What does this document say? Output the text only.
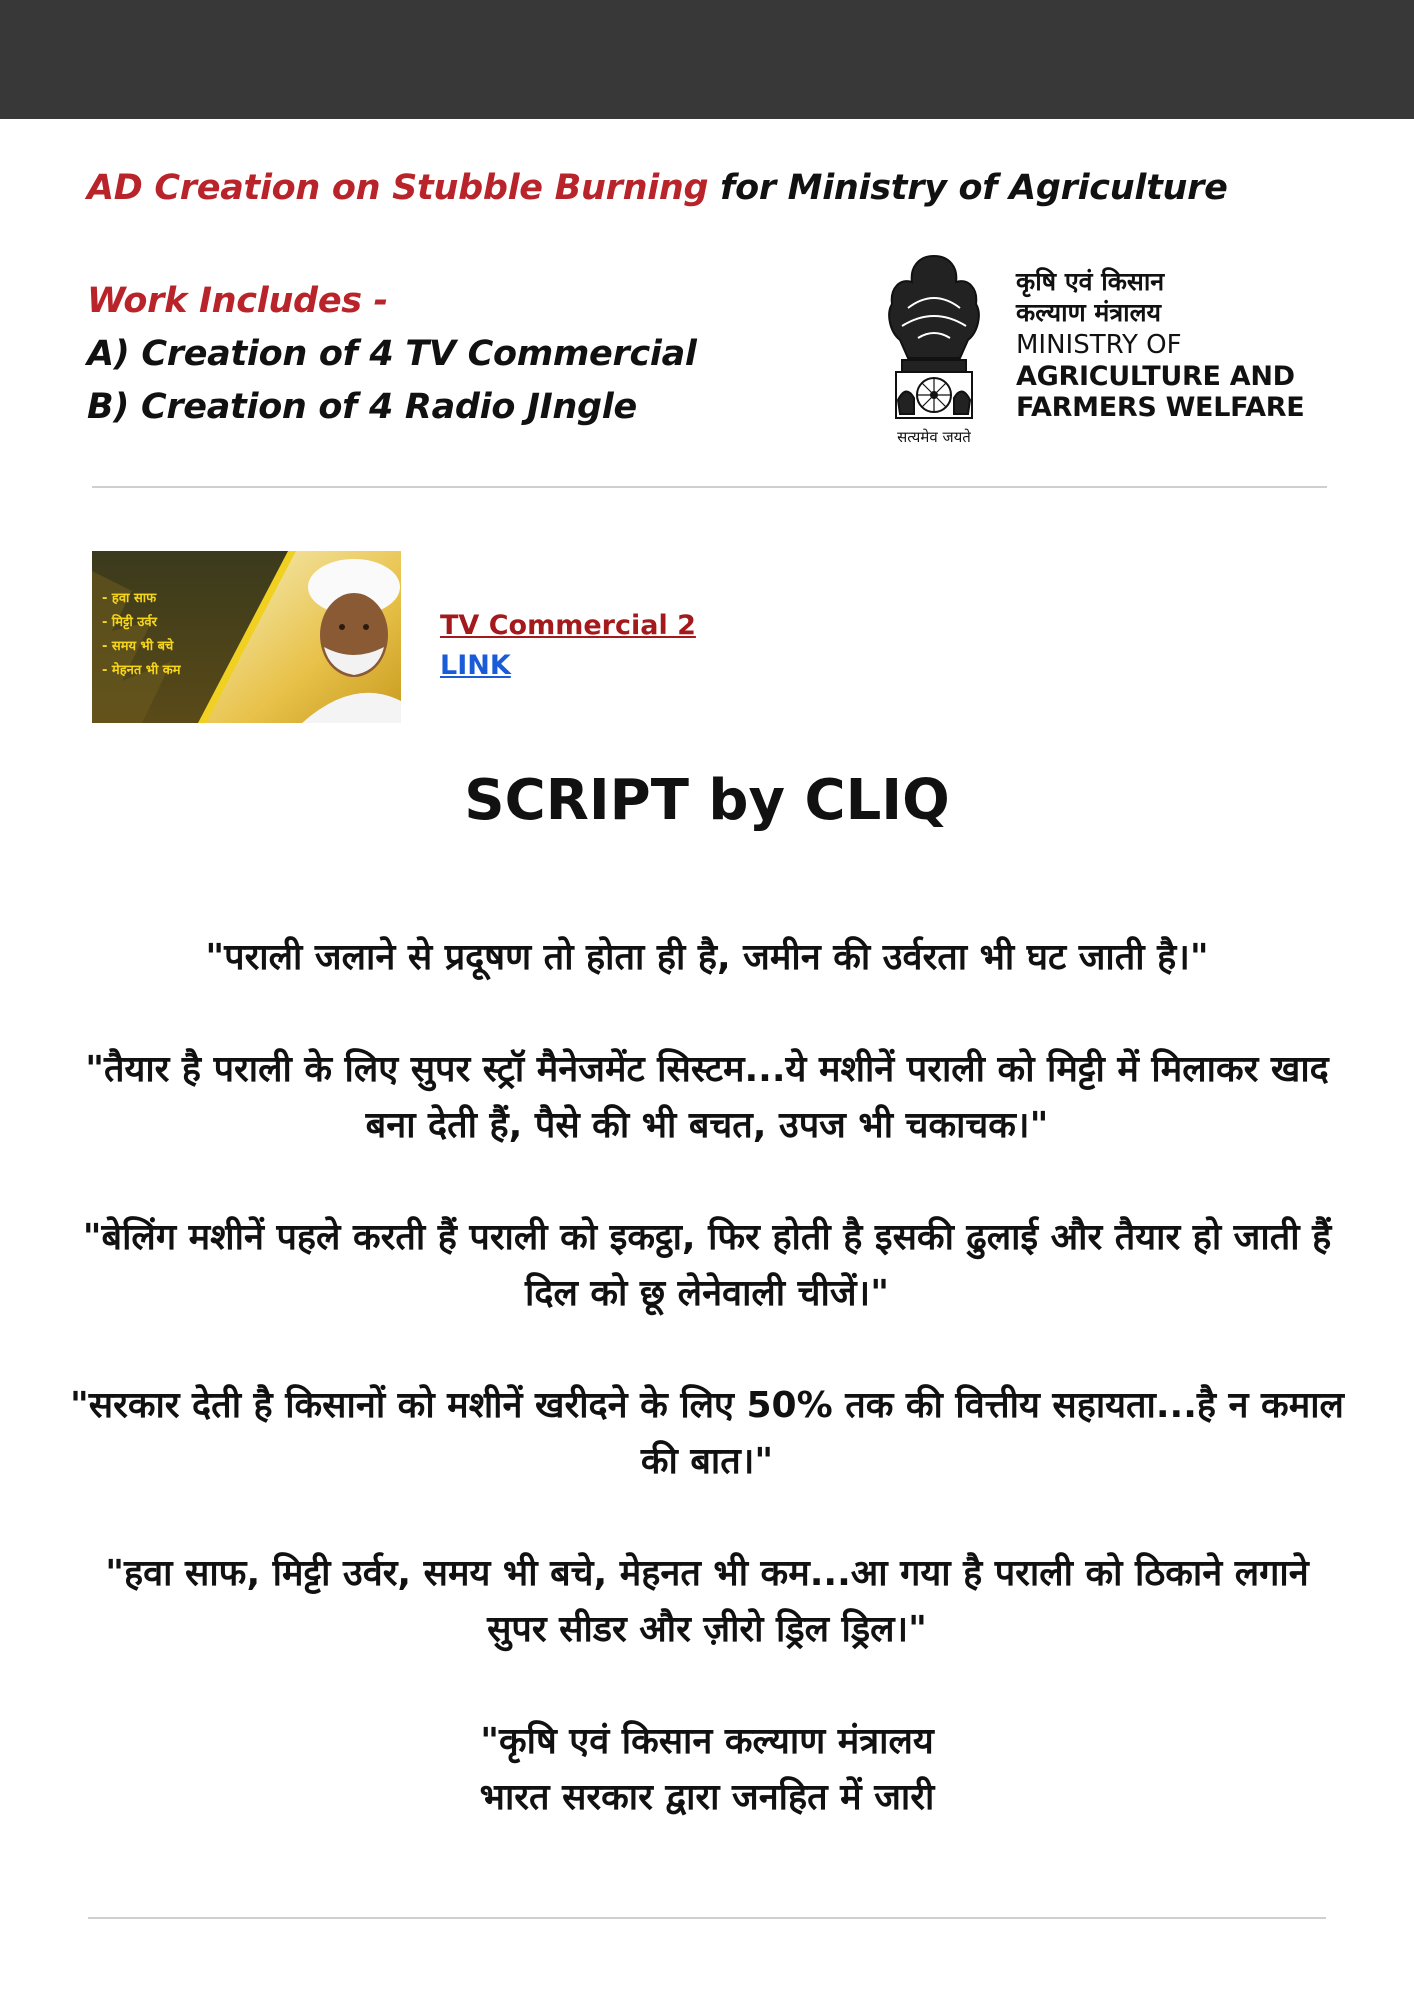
AD Creation on Stubble Burning for Ministry of Agriculture
Work Includes -
A) Creation of 4 TV Commercial
B) Creation of 4 Radio JIngle
सत्यमेव जयते
कृषि एवं किसान
कल्याण मंत्रालय
MINISTRY OF
AGRICULTURE AND
FARMERS WELFARE
- हवा साफ
- मिट्टी उर्वर
- समय भी बचे
- मेहनत भी कम
TV Commercial 2
LINK
SCRIPT by CLIQ

"पराली जलाने से प्रदूषण तो होता ही है, जमीन की उर्वरता भी घट जाती है।"

"तैयार है पराली के लिए सुपर स्ट्रॉ मैनेजमेंट सिस्टम...ये मशीनें पराली को मिट्टी में मिलाकर खाद बना देती हैं, पैसे की भी बचत, उपज भी चकाचक।"

"बेलिंग मशीनें पहले करती हैं पराली को इकट्ठा, फिर होती है इसकी ढुलाई और तैयार हो जाती हैं दिल को छू लेनेवाली चीजें।"

"सरकार देती है किसानों को मशीनें खरीदने के लिए 50% तक की वित्तीय सहायता...है न कमाल की बात।"

"हवा साफ, मिट्टी उर्वर, समय भी बचे, मेहनत भी कम...आ गया है पराली को ठिकाने लगाने सुपर सीडर और ज़ीरो ड्रिल ड्रिल।"

"कृषि एवं किसान कल्याण मंत्रालय
भारत सरकार द्वारा जनहित में जारी
